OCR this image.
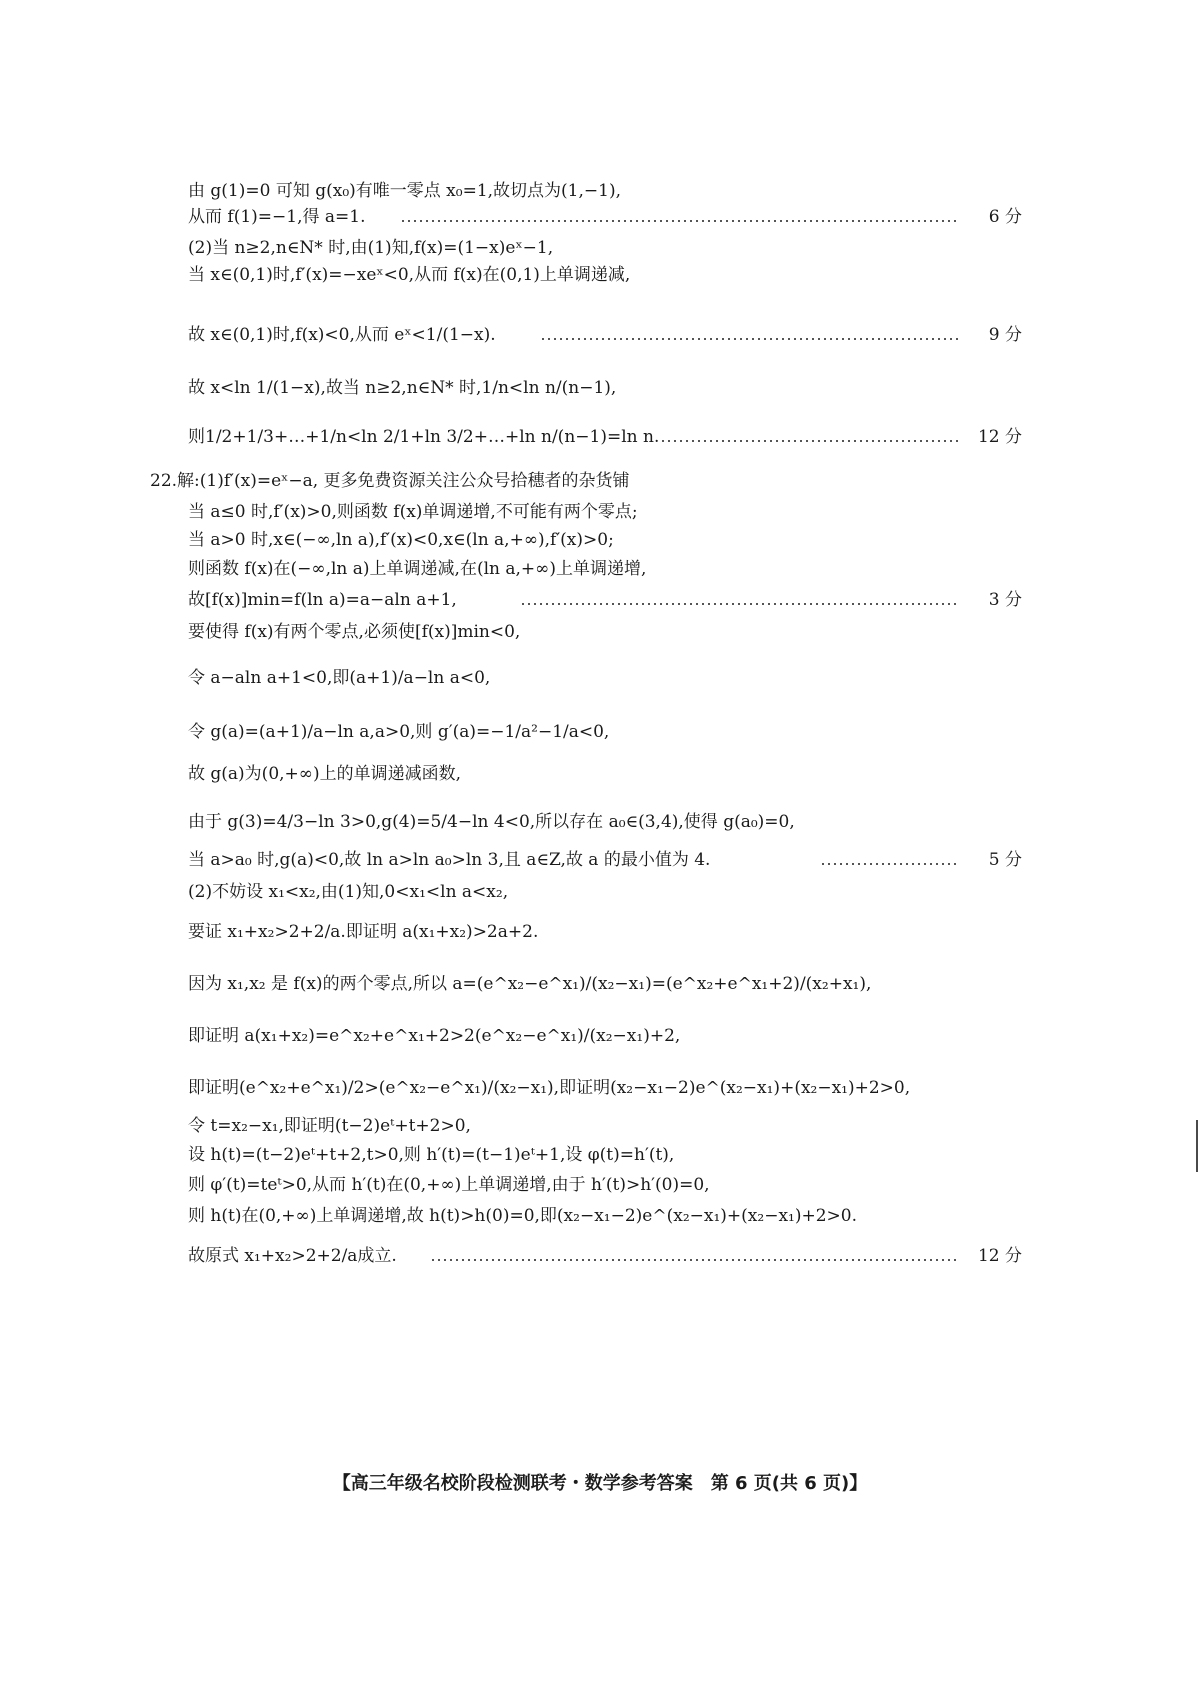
由 g(1)=0 可知 g(x₀)有唯一零点 x₀=1,故切点为(1,−1),
从而 f(1)=−1,得 a=1.	6 分
(2)当 n≥2,n∈N* 时,由(1)知,f(x)=(1−x)eˣ−1,
当 x∈(0,1)时,f′(x)=−xeˣ<0,从而 f(x)在(0,1)上单调递减,
故 x∈(0,1)时,f(x)<0,从而 eˣ<1/(1−x).	9 分
故 x<ln 1/(1−x),故当 n≥2,n∈N* 时,1/n<ln n/(n−1),
则1/2+1/3+…+1/n<ln 2/1+ln 3/2+…+ln n/(n−1)=ln n.	12 分
22.解:(1)f′(x)=eˣ−a, 更多免费资源关注公众号拾穗者的杂货铺
当 a≤0 时,f′(x)>0,则函数 f(x)单调递增,不可能有两个零点;
当 a>0 时,x∈(−∞,ln a),f′(x)<0,x∈(ln a,+∞),f′(x)>0;
则函数 f(x)在(−∞,ln a)上单调递减,在(ln a,+∞)上单调递增,
故[f(x)]min=f(ln a)=a−aln a+1,	3 分
要使得 f(x)有两个零点,必须使[f(x)]min<0,
令 a−aln a+1<0,即(a+1)/a−ln a<0,
令 g(a)=(a+1)/a−ln a,a>0,则 g′(a)=−1/a²−1/a<0,
故 g(a)为(0,+∞)上的单调递减函数,
由于 g(3)=4/3−ln 3>0,g(4)=5/4−ln 4<0,所以存在 a₀∈(3,4),使得 g(a₀)=0,
当 a>a₀ 时,g(a)<0,故 ln a>ln a₀>ln 3,且 a∈Z,故 a 的最小值为 4.	5 分
(2)不妨设 x₁<x₂,由(1)知,0<x₁<ln a<x₂,
要证 x₁+x₂>2+2/a.即证明 a(x₁+x₂)>2a+2.
因为 x₁,x₂ 是 f(x)的两个零点,所以 a=(e^x₂−e^x₁)/(x₂−x₁)=(e^x₂+e^x₁+2)/(x₂+x₁),
即证明 a(x₁+x₂)=e^x₂+e^x₁+2>2(e^x₂−e^x₁)/(x₂−x₁)+2,
即证明(e^x₂+e^x₁)/2>(e^x₂−e^x₁)/(x₂−x₁),即证明(x₂−x₁−2)e^(x₂−x₁)+(x₂−x₁)+2>0,
令 t=x₂−x₁,即证明(t−2)eᵗ+t+2>0,
设 h(t)=(t−2)eᵗ+t+2,t>0,则 h′(t)=(t−1)eᵗ+1,设 φ(t)=h′(t),
则 φ′(t)=teᵗ>0,从而 h′(t)在(0,+∞)上单调递增,由于 h′(t)>h′(0)=0,
则 h(t)在(0,+∞)上单调递增,故 h(t)>h(0)=0,即(x₂−x₁−2)e^(x₂−x₁)+(x₂−x₁)+2>0.
故原式 x₁+x₂>2+2/a成立.	12 分
【高三年级名校阶段检测联考・数学参考答案　第 6 页(共 6 页)】
